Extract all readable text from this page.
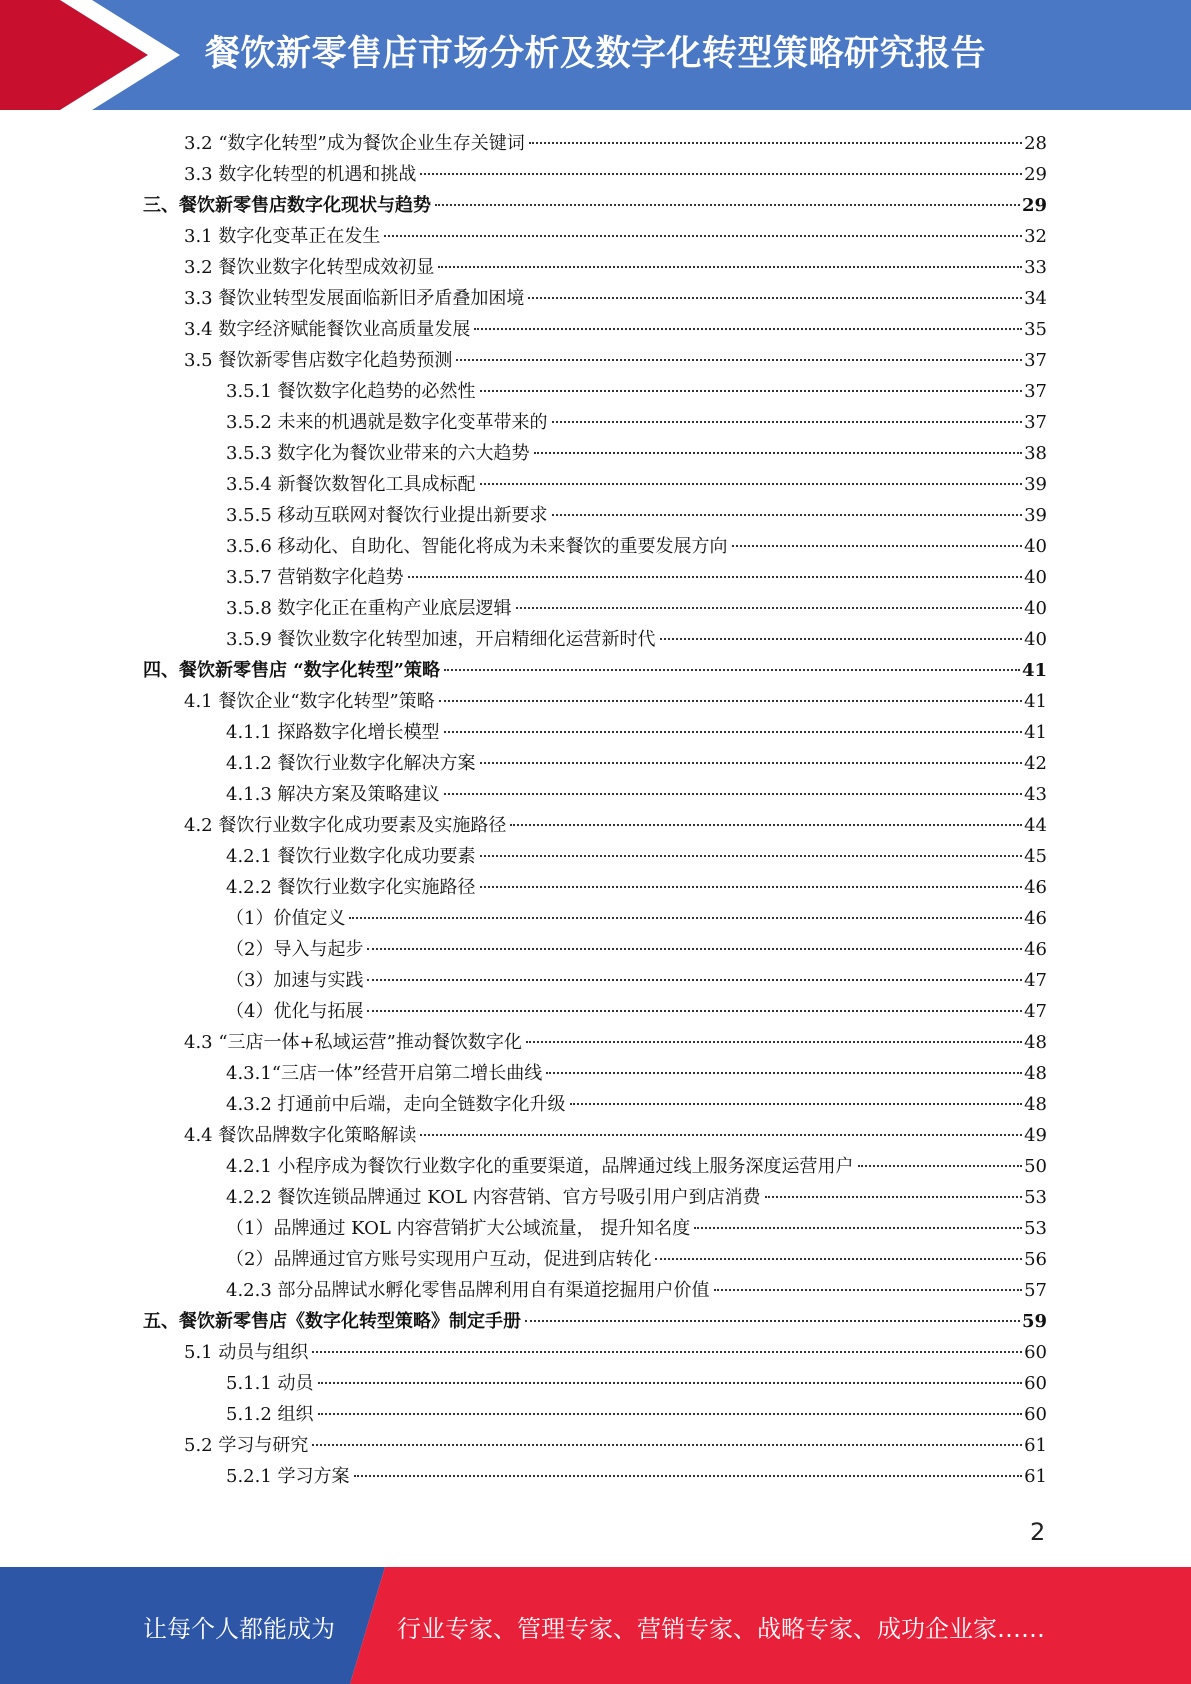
餐饮新零售店市场分析及数字化转型策略研究报告
3.2 “数字化转型”成为餐饮企业生存关键词	28
3.3 数字化转型的机遇和挑战	29
三、餐饮新零售店数字化现状与趋势	29
3.1 数字化变革正在发生	32
3.2 餐饮业数字化转型成效初显	33
3.3 餐饮业转型发展面临新旧矛盾叠加困境	34
3.4 数字经济赋能餐饮业高质量发展	35
3.5 餐饮新零售店数字化趋势预测	37
3.5.1 餐饮数字化趋势的必然性	37
3.5.2 未来的机遇就是数字化变革带来的	37
3.5.3 数字化为餐饮业带来的六大趋势	38
3.5.4 新餐饮数智化工具成标配	39
3.5.5 移动互联网对餐饮行业提出新要求	39
3.5.6 移动化、自助化、智能化将成为未来餐饮的重要发展方向	40
3.5.7 营销数字化趋势	40
3.5.8 数字化正在重构产业底层逻辑	40
3.5.9 餐饮业数字化转型加速，开启精细化运营新时代	40
四、餐饮新零售店 “数字化转型”策略	41
4.1 餐饮企业“数字化转型”策略	41
4.1.1 探路数字化增长模型	41
4.1.2 餐饮行业数字化解决方案	42
4.1.3 解决方案及策略建议	43
4.2 餐饮行业数字化成功要素及实施路径	44
4.2.1 餐饮行业数字化成功要素	45
4.2.2 餐饮行业数字化实施路径	46
（1）价值定义	46
（2）导入与起步	46
（3）加速与实践	47
（4）优化与拓展	47
4.3 “三店一体+私域运营”推动餐饮数字化	48
4.3.1“三店一体”经营开启第二增长曲线	48
4.3.2 打通前中后端，走向全链数字化升级	48
4.4 餐饮品牌数字化策略解读	49
4.2.1 小程序成为餐饮行业数字化的重要渠道，品牌通过线上服务深度运营用户	50
4.2.2 餐饮连锁品牌通过 KOL 内容营销、官方号吸引用户到店消费	53
（1）品牌通过 KOL 内容营销扩大公域流量， 提升知名度	53
（2）品牌通过官方账号实现用户互动，促进到店转化	56
4.2.3 部分品牌试水孵化零售品牌利用自有渠道挖掘用户价值	57
五、餐饮新零售店《数字化转型策略》制定手册	59
5.1 动员与组织	60
5.1.1 动员	60
5.1.2 组织	60
5.2 学习与研究	61
5.2.1 学习方案	61
2
让每个人都能成为	行业专家、管理专家、营销专家、战略专家、成功企业家……
